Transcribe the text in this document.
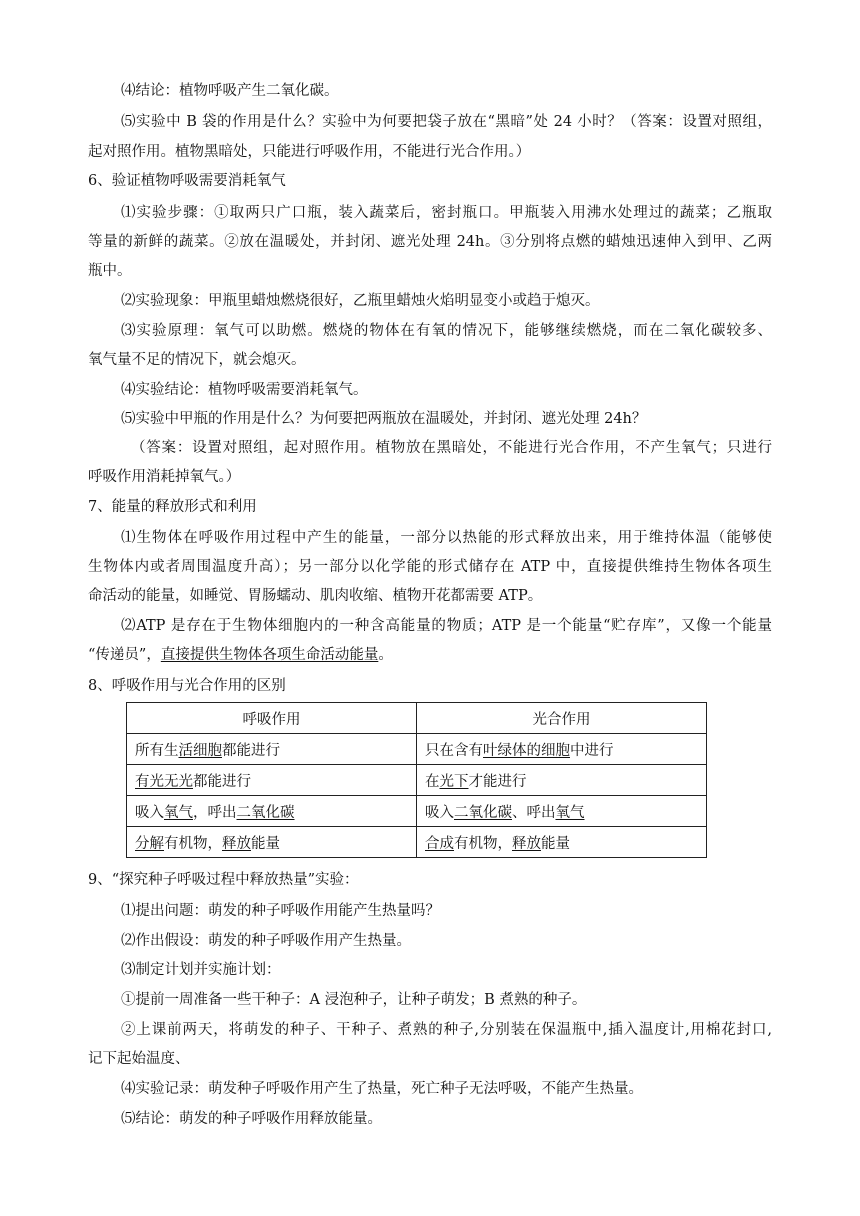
⑷结论：植物呼吸产生二氧化碳。

⑸实验中 B 袋的作用是什么？实验中为何要把袋子放在“黑暗”处 24 小时？（答案：设置对照组，

起对照作用。植物黑暗处，只能进行呼吸作用，不能进行光合作用。）

6、验证植物呼吸需要消耗氧气

⑴实验步骤：①取两只广口瓶，装入蔬菜后，密封瓶口。甲瓶装入用沸水处理过的蔬菜；乙瓶取

等量的新鲜的蔬菜。②放在温暖处，并封闭、遮光处理 24h。③分别将点燃的蜡烛迅速伸入到甲、乙两

瓶中。

⑵实验现象：甲瓶里蜡烛燃烧很好，乙瓶里蜡烛火焰明显变小或趋于熄灭。

⑶实验原理：氧气可以助燃。燃烧的物体在有氧的情况下，能够继续燃烧，而在二氧化碳较多、

氧气量不足的情况下，就会熄灭。

⑷实验结论：植物呼吸需要消耗氧气。

⑸实验中甲瓶的作用是什么？为何要把两瓶放在温暖处，并封闭、遮光处理 24h？

（答案：设置对照组，起对照作用。植物放在黑暗处，不能进行光合作用，不产生氧气；只进行

呼吸作用消耗掉氧气。）

7、能量的释放形式和利用

⑴生物体在呼吸作用过程中产生的能量，一部分以热能的形式释放出来，用于维持体温（能够使

生物体内或者周围温度升高）；另一部分以化学能的形式储存在 ATP 中，直接提供维持生物体各项生

命活动的能量，如睡觉、胃肠蠕动、肌肉收缩、植物开花都需要 ATP。

⑵ATP 是存在于生物体细胞内的一种含高能量的物质；ATP 是一个能量“贮存库”，又像一个能量

“传递员”，直接提供生物体各项生命活动能量。

8、呼吸作用与光合作用的区别

呼吸作用	光合作用
所有生活细胞都能进行	只在含有叶绿体的细胞中进行
有光无光都能进行	在光下才能进行
吸入氧气，呼出二氧化碳	吸入二氧化碳、呼出氧气
分解有机物，释放能量	合成有机物，释放能量

9、“探究种子呼吸过程中释放热量”实验：

⑴提出问题：萌发的种子呼吸作用能产生热量吗？

⑵作出假设：萌发的种子呼吸作用产生热量。

⑶制定计划并实施计划：

①提前一周准备一些干种子：A 浸泡种子，让种子萌发；B 煮熟的种子。

②上课前两天，将萌发的种子、干种子、煮熟的种子,分别装在保温瓶中,插入温度计,用棉花封口,

记下起始温度、

⑷实验记录：萌发种子呼吸作用产生了热量，死亡种子无法呼吸，不能产生热量。

⑸结论：萌发的种子呼吸作用释放能量。
